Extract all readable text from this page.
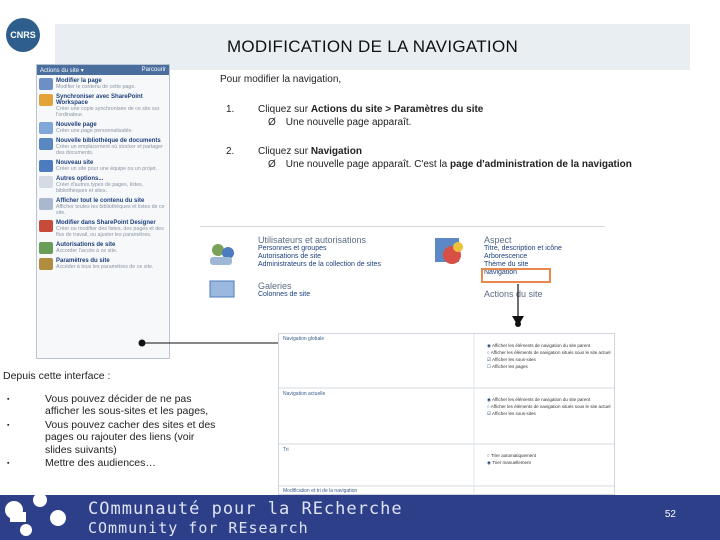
MODIFICATION DE LA NAVIGATION
CNRS
Actions du site ▾	Parcourir
Modifier la page
Modifier le contenu de cette page.
Synchroniser avec SharePoint Workspace
Créer une copie synchronisée de ce site sur l'ordinateur.
Nouvelle page
Créer une page personnalisable.
Nouvelle bibliothèque de documents
Créer un emplacement où stocker et partager des documents.
Nouveau site
Créer un site pour une équipe ou un projet.
Autres options...
Créer d'autres types de pages, listes, bibliothèques et sites.
Afficher tout le contenu du site
Afficher toutes les bibliothèques et listes de ce site.
Modifier dans SharePoint Designer
Créer ou modifier des listes, des pages et des flux de travail, ou ajuster les paramètres.
Autorisations de site
Accorder l'accès à ce site.
Paramètres du site
Accéder à tous les paramètres de ce site.
Pour modifier la navigation,
1. Cliquez sur Actions du site > Paramètres du site
Ø Une nouvelle page apparaît.
2. Cliquez sur Navigation
Ø Une nouvelle page apparaît. C'est la page d'administration de la navigation
Utilisateurs et autorisations
Personnes et groupes
Autorisations de site
Administrateurs de la collection de sites
Galeries
Colonnes de site
Aspect
Titre, description et icône
Arborescence
Thème du site
Navigation
Actions du site
Navigation globale
Navigation actuelle
Tri
Modification et tri de la navigation
◉ Afficher les éléments de navigation du site parent
○ Afficher les éléments de navigation situés sous le site actuel
☑ Afficher les sous-sites
☐ Afficher les pages
◉ Afficher les éléments de navigation du site parent
○ Afficher les éléments de navigation situés sous le site actuel
☑ Afficher les sous-sites
○ Trier automatiquement
◉ Trier manuellement
Depuis cette interface :
▪ Vous pouvez décider de ne pas afficher les sous-sites et les pages,
▪ Vous pouvez cacher des sites et des pages ou rajouter des liens (voir slides suivants)
▪ Mettre des audiences…
COmmunauté pour la REcherche
COmmunity for REsearch
52
